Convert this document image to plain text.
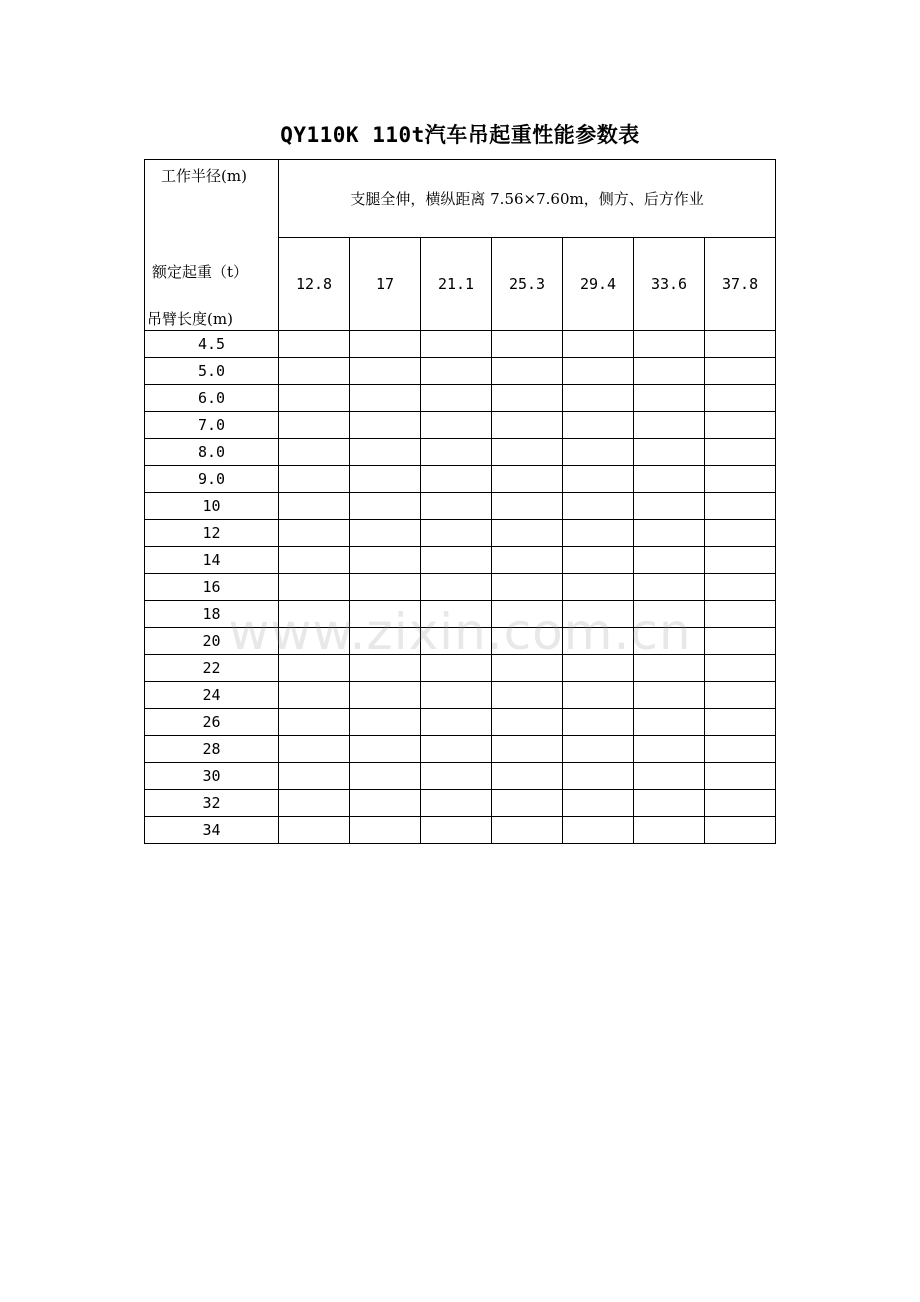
QY110K 110t汽车吊起重性能参数表
工作半径(m)
额定起重（t）
吊臂长度(m)	支腿全伸，横纵距离 7.56×7.60m，侧方、后方作业						
	12.8	17	21.1	25.3	29.4	33.6	37.8
4.5							
5.0							
6.0							
7.0							
8.0							
9.0							
10							
12							
14							
16							
18							
20							
22							
24							
26							
28							
30							
32							
34							
www.zixin.com.cn
